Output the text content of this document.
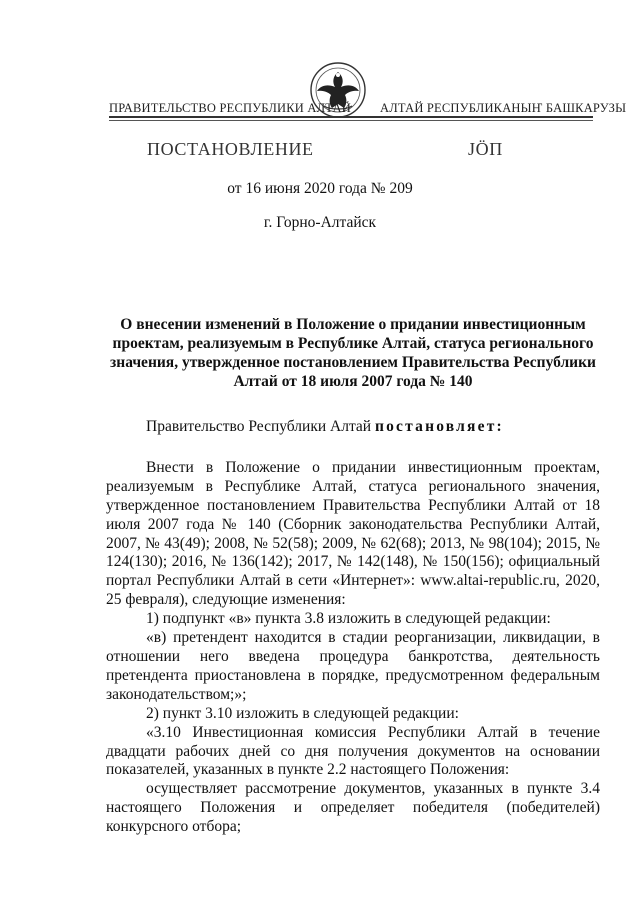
ПРАВИТЕЛЬСТВО РЕСПУБЛИКИ АЛТАЙ АЛТАЙ РЕСПУБЛИКАНЫҤ БАШКАРУЗЫ
ПОСТАНОВЛЕНИЕ	ЈӦП
от 16 июня 2020 года № 209
г. Горно-Алтайск
О внесении изменений в Положение о придании инвестиционным проектам, реализуемым в Республике Алтай, статуса регионального значения, утвержденное постановлением Правительства Республики Алтай от 18 июля 2007 года № 140

Правительство Республики Алтай постановляет:

Внести в Положение о придании инвестиционным проектам, реализуемым в Республике Алтай, статуса регионального значения, утвержденное постановлением Правительства Республики Алтай от 18 июля 2007 года № 140 (Сборник законодательства Республики Алтай, 2007, № 43(49); 2008, № 52(58); 2009, № 62(68); 2013, № 98(104); 2015, № 124(130); 2016, № 136(142); 2017, № 142(148), № 150(156); официальный портал Республики Алтай в сети «Интернет»: www.altai-republic.ru, 2020, 25 февраля), следующие изменения:

1) подпункт «в» пункта 3.8 изложить в следующей редакции:

«в) претендент находится в стадии реорганизации, ликвидации, в отношении него введена процедура банкротства, деятельность претендента приостановлена в порядке, предусмотренном федеральным законодательством;»;

2) пункт 3.10 изложить в следующей редакции:

«3.10 Инвестиционная комиссия Республики Алтай в течение двадцати рабочих дней со дня получения документов на основании показателей, указанных в пункте 2.2 настоящего Положения:

осуществляет рассмотрение документов, указанных в пункте 3.4 настоящего Положения и определяет победителя (победителей) конкурсного отбора;
